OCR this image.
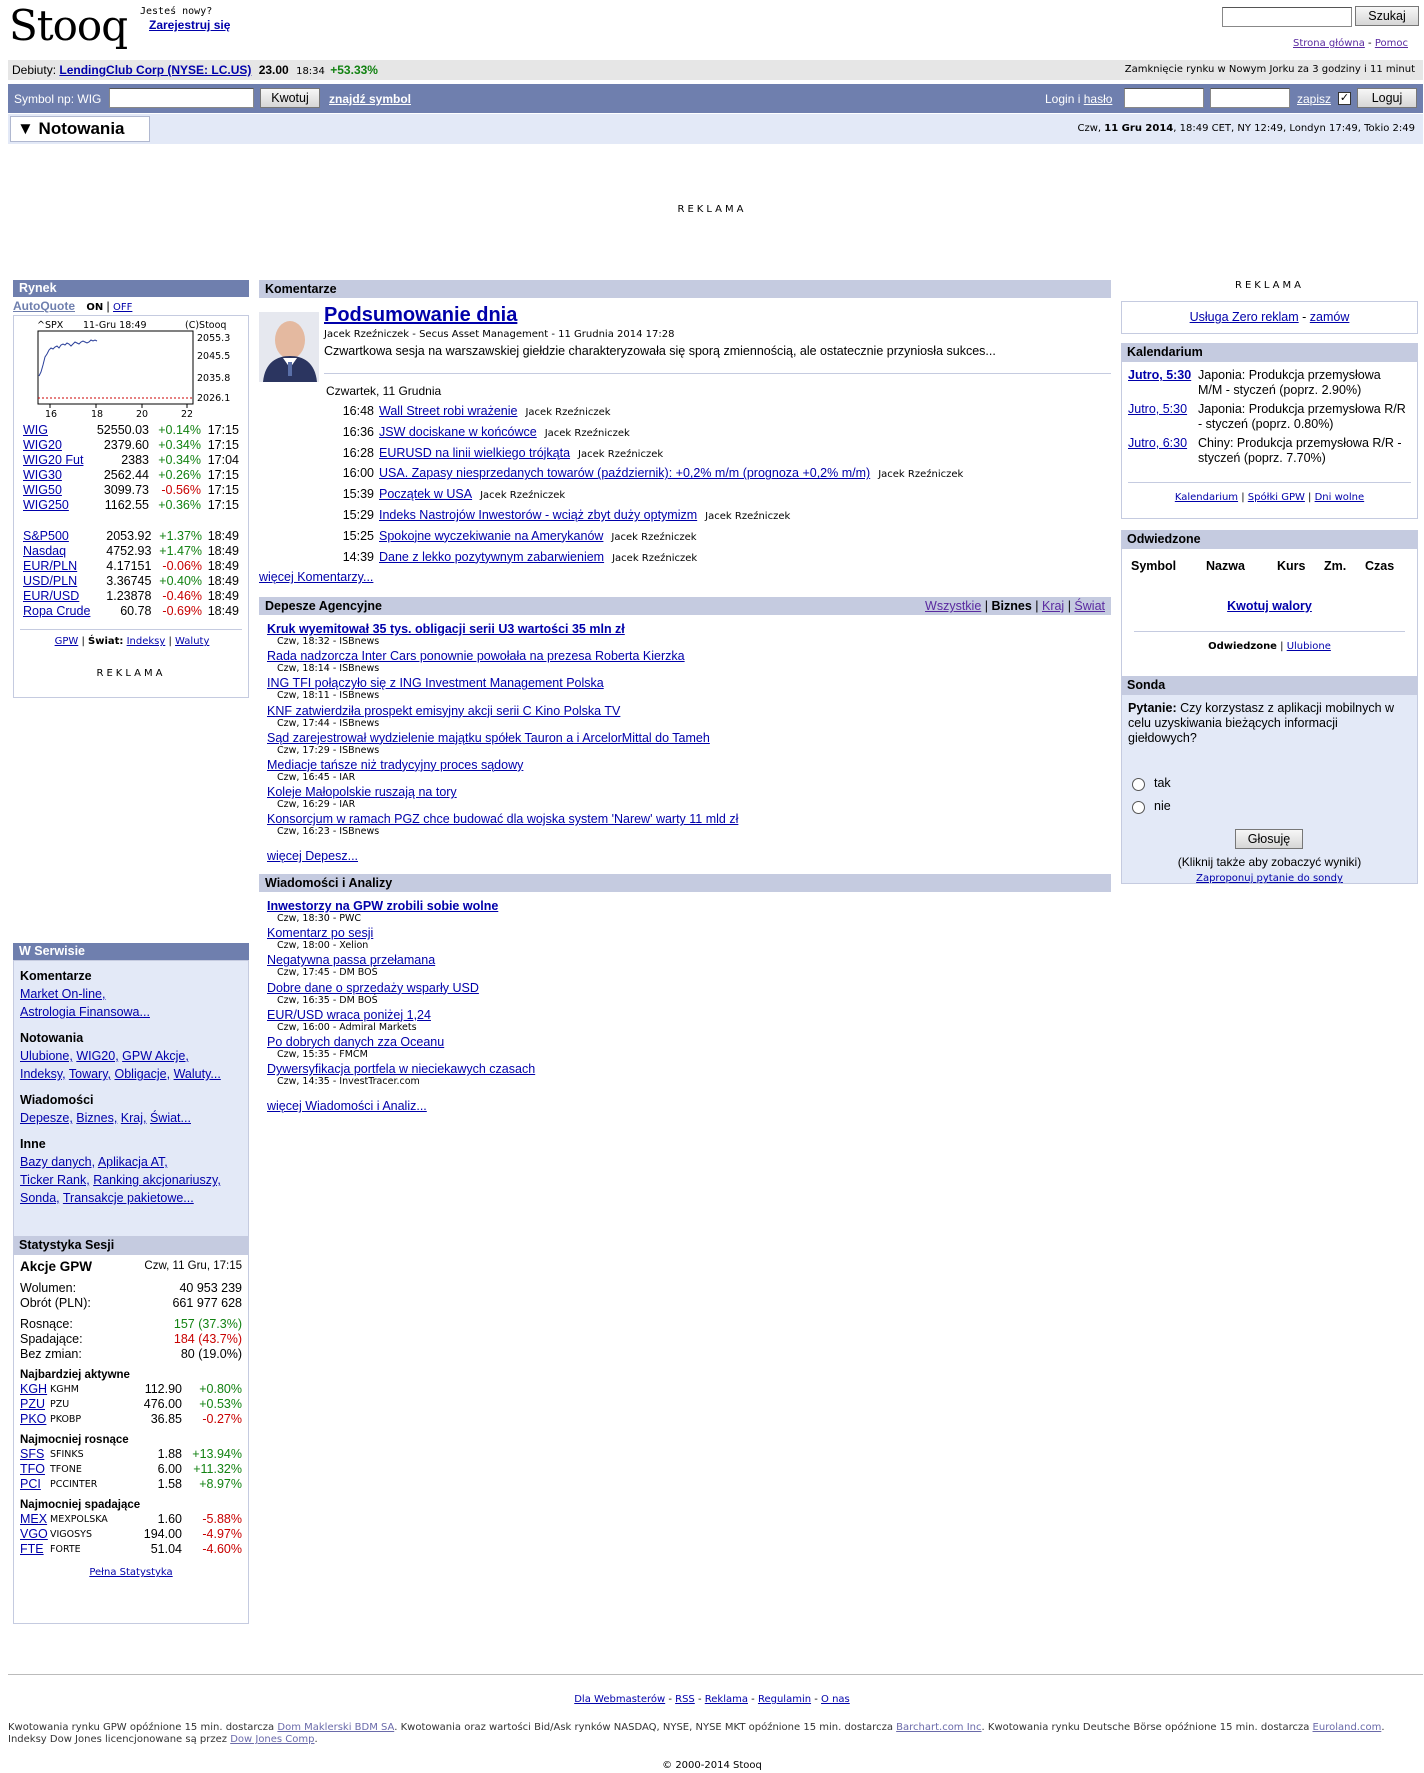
Stooq Jesteś nowy?
Zarejestruj się
Szukaj
Strona główna - Pomoc
Debiuty: LendingClub Corp (NYSE: LC.US) 23.00 18:34 +53.33%	Zamknięcie rynku w Nowym Jorku za 3 godziny i 11 minut
Symbol np: WIG	Kwotuj	znajdź symbol	Login i hasło	zapisz ✓	Loguj
▼ Notowania	Czw, 11 Gru 2014, 18:49 CET, NY 12:49, Londyn 17:49, Tokio 2:49
REKLAMA
Rynek
AutoQuote ON | OFF
^SPX 11-Gru 18:49	(C)Stooq
2055.3
2045.5
2035.8
2026.1
16	18	20	22
WIG	52550.03	+0.14%	17:15
WIG20	2379.60	+0.34%	17:15
WIG20 Fut	2383	+0.34%	17:04
WIG30	2562.44	+0.26%	17:15
WIG50	3099.73	-0.56%	17:15
WIG250	1162.55	+0.36%	17:15
S&P500	2053.92	+1.37%	18:49
Nasdaq	4752.93	+1.47%	18:49
EUR/PLN	4.17151	-0.06%	18:49
USD/PLN	3.36745	+0.40%	18:49
EUR/USD	1.23878	-0.46%	18:49
Ropa Crude	60.78	-0.69%	18:49
GPW | Świat: Indeksy | Waluty
REKLAMA
W Serwisie
Komentarze
Market On-line,
Astrologia Finansowa...
Notowania
Ulubione, WIG20, GPW Akcje,
Indeksy, Towary, Obligacje, Waluty...
Wiadomości
Depesze, Biznes, Kraj, Świat...
Inne
Bazy danych, Aplikacja AT,
Ticker Rank, Ranking akcjonariuszy,
Sonda, Transakcje pakietowe...
Statystyka Sesji
Akcje GPW	Czw, 11 Gru, 17:15
Wolumen:	40 953 239
Obrót (PLN):	661 977 628

Rosnące:	157 (37.3%)
Spadające:	184 (43.7%)
Bez zmian:	80 (19.0%)
Najbardziej aktywne
KGH	KGHM	112.90	+0.80%
PZU	PZU	476.00	+0.53%
PKO	PKOBP	36.85	-0.27%
Najmocniej rosnące
SFS	SFINKS	1.88	+13.94%
TFO	TFONE	6.00	+11.32%
PCI	PCCINTER	1.58	+8.97%
Najmocniej spadające
MEX	MEXPOLSKA	1.60	-5.88%
VGO	VIGOSYS	194.00	-4.97%
FTE	FORTE	51.04	-4.60%
Pełna Statystyka
Komentarze
Podsumowanie dnia
Jacek Rzeźniczek - Secus Asset Management - 11 Grudnia 2014 17:28
Czwartkowa sesja na warszawskiej giełdzie charakteryzowała się sporą zmiennością, ale ostatecznie przyniosła sukces...
Czwartek, 11 Grudnia
16:48 Wall Street robi wrażenie Jacek Rzeźniczek
16:36 JSW dociskane w końcówce Jacek Rzeźniczek
16:28 EURUSD na linii wielkiego trójkąta Jacek Rzeźniczek
16:00 USA. Zapasy niesprzedanych towarów (październik): +0,2% m/m (prognoza +0,2% m/m) Jacek Rzeźniczek
15:39 Początek w USA Jacek Rzeźniczek
15:29 Indeks Nastrojów Inwestorów - wciąż zbyt duży optymizm Jacek Rzeźniczek
15:25 Spokojne wyczekiwanie na Amerykanów Jacek Rzeźniczek
14:39 Dane z lekko pozytywnym zabarwieniem Jacek Rzeźniczek
więcej Komentarzy...
Depesze Agencyjne	Wszystkie | Biznes | Kraj | Świat
Kruk wyemitował 35 tys. obligacji serii U3 wartości 35 mln zł
Czw, 18:32 - ISBnews
Rada nadzorcza Inter Cars ponownie powołała na prezesa Roberta Kierzka
Czw, 18:14 - ISBnews
ING TFI połączyło się z ING Investment Management Polska
Czw, 18:11 - ISBnews
KNF zatwierdziła prospekt emisyjny akcji serii C Kino Polska TV
Czw, 17:44 - ISBnews
Sąd zarejestrował wydzielenie majątku spółek Tauron a i ArcelorMittal do Tameh
Czw, 17:29 - ISBnews
Mediacje tańsze niż tradycyjny proces sądowy
Czw, 16:45 - IAR
Koleje Małopolskie ruszają na tory
Czw, 16:29 - IAR
Konsorcjum w ramach PGZ chce budować dla wojska system 'Narew' warty 11 mld zł
Czw, 16:23 - ISBnews
więcej Depesz...
Wiadomości i Analizy
Inwestorzy na GPW zrobili sobie wolne
Czw, 18:30 - PWC
Komentarz po sesji
Czw, 18:00 - Xelion
Negatywna passa przełamana
Czw, 17:45 - DM BOŚ
Dobre dane o sprzedaży wsparły USD
Czw, 16:35 - DM BOŚ
EUR/USD wraca poniżej 1,24
Czw, 16:00 - Admiral Markets
Po dobrych danych zza Oceanu
Czw, 15:35 - FMCM
Dywersyfikacja portfela w nieciekawych czasach
Czw, 14:35 - InvestTracer.com
więcej Wiadomości i Analiz...
REKLAMA
Usługa Zero reklam - zamów
Kalendarium
Jutro, 5:30 Japonia: Produkcja przemysłowa M/M - styczeń (poprz. 2.90%)
Jutro, 5:30 Japonia: Produkcja przemysłowa R/R - styczeń (poprz. 0.80%)
Jutro, 6:30 Chiny: Produkcja przemysłowa R/R - styczeń (poprz. 7.70%)
Kalendarium | Spółki GPW | Dni wolne
Odwiedzone
Symbol Nazwa	Kurs Zm. Czas
Kwotuj walory
Odwiedzone | Ulubione
Sonda
Pytanie: Czy korzystasz z aplikacji mobilnych w celu uzyskiwania bieżących informacji giełdowych?
tak
nie
Głosuję
(Kliknij także aby zobaczyć wyniki)
Zaproponuj pytanie do sondy
Dla Webmasterów - RSS - Reklama - Regulamin - O nas
Kwotowania rynku GPW opóźnione 15 min. dostarcza Dom Maklerski BDM SA. Kwotowania oraz wartości Bid/Ask rynków NASDAQ, NYSE, NYSE MKT opóźnione 15 min. dostarcza Barchart.com Inc. Kwotowania rynku Deutsche Börse opóźnione 15 min. dostarcza Euroland.com. Indeksy Dow Jones licencjonowane są przez Dow Jones Comp.
© 2000-2014 Stooq
